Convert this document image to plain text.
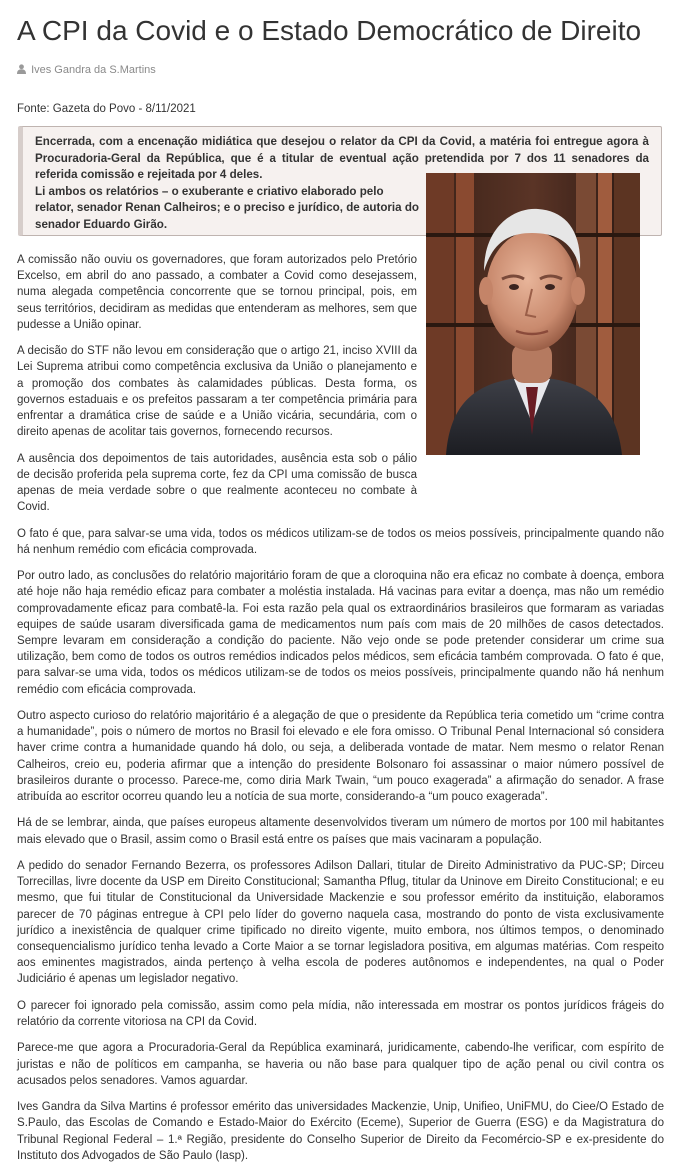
A CPI da Covid e o Estado Democrático de Direito
Ives Gandra da S.Martins
Fonte: Gazeta do Povo - 8/11/2021

Encerrada, com a encenação midiática que desejou o relator da CPI da Covid, a matéria foi entregue agora à Procuradoria-Geral da República, que é a titular de eventual ação pretendida por 7 dos 11 senadores da referida comissão e rejeitada por 4 deles.

Li ambos os relatórios – o exuberante e criativo elaborado pelo relator, senador Renan Calheiros; e o preciso e jurídico, de autoria do senador Eduardo Girão.

A comissão não ouviu os governadores, que foram autorizados pelo Pretório Excelso, em abril do ano passado, a combater a Covid como desejassem, numa alegada competência concorrente que se tornou principal, pois, em seus territórios, decidiram as medidas que entenderam as melhores, sem que pudesse a União opinar.

A decisão do STF não levou em consideração que o artigo 21, inciso XVIII da Lei Suprema atribui como competência exclusiva da União o planejamento e a promoção dos combates às calamidades públicas. Desta forma, os governos estaduais e os prefeitos passaram a ter competência primária para enfrentar a dramática crise de saúde e a União vicária, secundária, com o direito apenas de acolitar tais governos, fornecendo recursos.

A ausência dos depoimentos de tais autoridades, ausência esta sob o pálio de decisão proferida pela suprema corte, fez da CPI uma comissão de busca apenas de meia verdade sobre o que realmente aconteceu no combate à Covid.

O fato é que, para salvar-se uma vida, todos os médicos utilizam-se de todos os meios possíveis, principalmente quando não há nenhum remédio com eficácia comprovada.

Por outro lado, as conclusões do relatório majoritário foram de que a cloroquina não era eficaz no combate à doença, embora até hoje não haja remédio eficaz para combater a moléstia instalada. Há vacinas para evitar a doença, mas não um remédio comprovadamente eficaz para combatê-la. Foi esta razão pela qual os extraordinários brasileiros que formaram as variadas equipes de saúde usaram diversificada gama de medicamentos num país com mais de 20 milhões de casos detectados. Sempre levaram em consideração a condição do paciente. Não vejo onde se pode pretender considerar um crime sua utilização, bem como de todos os outros remédios indicados pelos médicos, sem eficácia também comprovada. O fato é que, para salvar-se uma vida, todos os médicos utilizam-se de todos os meios possíveis, principalmente quando não há nenhum remédio com eficácia comprovada.

Outro aspecto curioso do relatório majoritário é a alegação de que o presidente da República teria cometido um “crime contra a humanidade”, pois o número de mortos no Brasil foi elevado e ele fora omisso. O Tribunal Penal Internacional só considera haver crime contra a humanidade quando há dolo, ou seja, a deliberada vontade de matar. Nem mesmo o relator Renan Calheiros, creio eu, poderia afirmar que a intenção do presidente Bolsonaro foi assassinar o maior número possível de brasileiros durante o processo. Parece-me, como diria Mark Twain, “um pouco exagerada” a afirmação do senador. A frase atribuída ao escritor ocorreu quando leu a notícia de sua morte, considerando-a “um pouco exagerada”.

Há de se lembrar, ainda, que países europeus altamente desenvolvidos tiveram um número de mortos por 100 mil habitantes mais elevado que o Brasil, assim como o Brasil está entre os países que mais vacinaram a população.

A pedido do senador Fernando Bezerra, os professores Adilson Dallari, titular de Direito Administrativo da PUC-SP; Dirceu Torrecillas, livre docente da USP em Direito Constitucional; Samantha Pflug, titular da Uninove em Direito Constitucional; e eu mesmo, que fui titular de Constitucional da Universidade Mackenzie e sou professor emérito da instituição, elaboramos parecer de 70 páginas entregue à CPI pelo líder do governo naquela casa, mostrando do ponto de vista exclusivamente jurídico a inexistência de qualquer crime tipificado no direito vigente, muito embora, nos últimos tempos, o denominado consequencialismo jurídico tenha levado a Corte Maior a se tornar legisladora positiva, em algumas matérias. Com respeito aos eminentes magistrados, ainda pertenço à velha escola de poderes autônomos e independentes, na qual o Poder Judiciário é apenas um legislador negativo.

O parecer foi ignorado pela comissão, assim como pela mídia, não interessada em mostrar os pontos jurídicos frágeis do relatório da corrente vitoriosa na CPI da Covid.

Parece-me que agora a Procuradoria-Geral da República examinará, juridicamente, cabendo-lhe verificar, com espírito de juristas e não de políticos em campanha, se haveria ou não base para qualquer tipo de ação penal ou civil contra os acusados pelos senadores. Vamos aguardar.

Ives Gandra da Silva Martins é professor emérito das universidades Mackenzie, Unip, Unifieo, UniFMU, do Ciee/O Estado de S.Paulo, das Escolas de Comando e Estado-Maior do Exército (Eceme), Superior de Guerra (ESG) e da Magistratura do Tribunal Regional Federal – 1.ª Região, presidente do Conselho Superior de Direito da Fecomércio-SP e ex-presidente do Instituto dos Advogados de São Paulo (Iasp).
